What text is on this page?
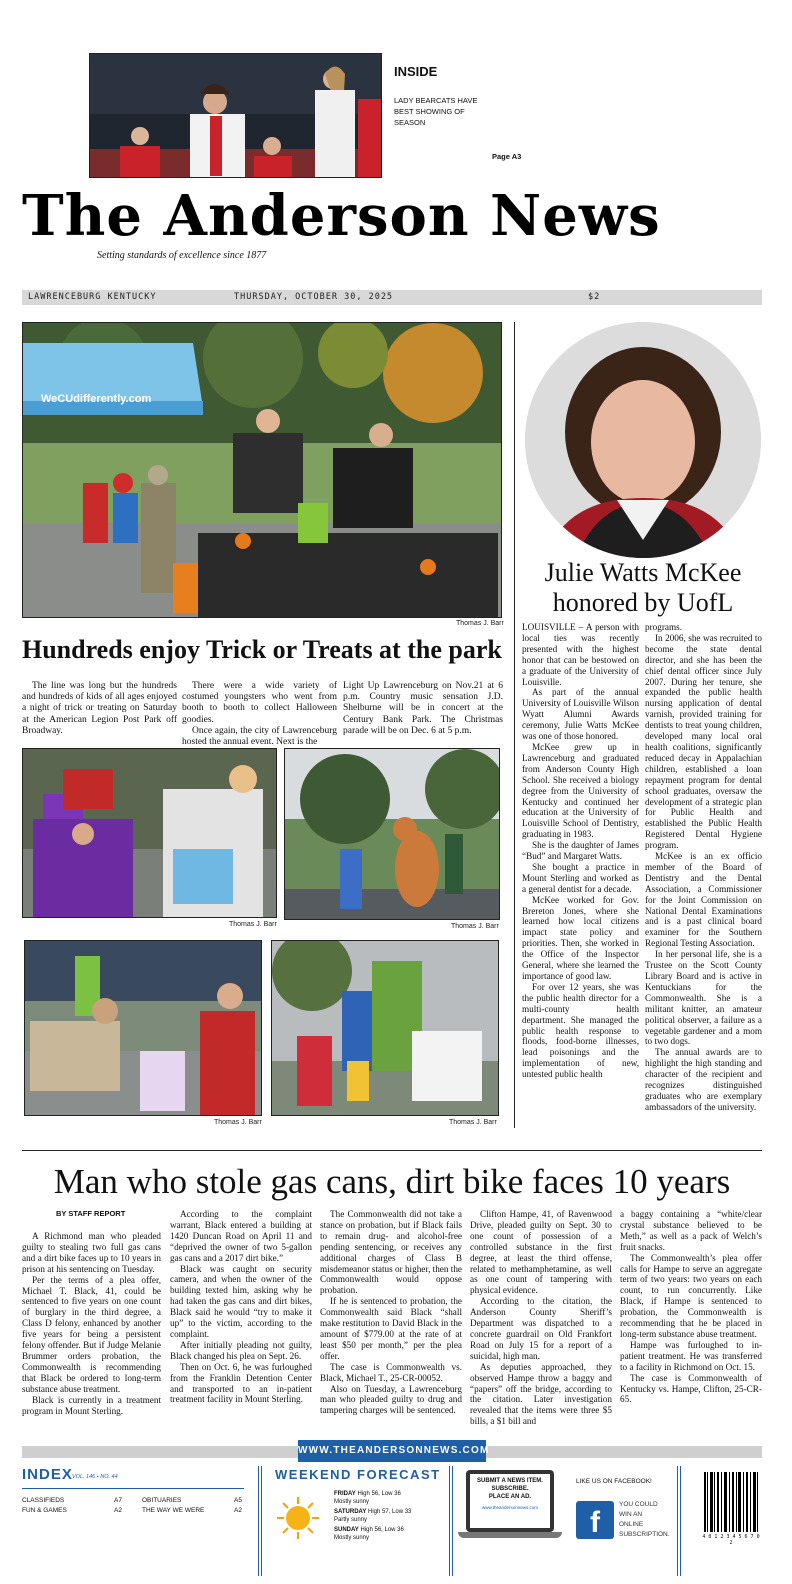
INSIDE
LADY BEARCATS HAVE BEST SHOWING OF SEASON
Page A3
The Anderson News
Setting standards of excellence since 1877
LAWRENCEBURG KENTUCKY	THURSDAY, OCTOBER 30, 2025	$2
WeCUdifferently.com
Thomas J. Barr
Hundreds enjoy Trick or Treats at the park

The line was long but the hundreds and hundreds of kids of all ages enjoyed a night of trick or treating on Saturday at the American Legion Post Park off Broadway.

There were a wide variety of costumed youngsters who went from booth to booth to collect Halloween goodies.

Once again, the city of Lawrenceburg hosted the annual event. Next is the

Light Up Lawrenceburg on Nov.21 at 6 p.m. Country music sensation J.D. Shelburne will be in concert at the Century Bank Park. The Christmas parade will be on Dec. 6 at 5 p.m.

Thomas J. Barr	Thomas J. Barr
Thomas J. Barr	Thomas J. Barr
Julie Watts McKee honored by UofL

LOUISVILLE – A person with local ties was recently presented with the highest honor that can be bestowed on a graduate of the University of Louisville.

As part of the annual University of Louisville Wilson Wyatt Alumni Awards ceremony, Julie Watts McKee was one of those honored.

McKee grew up in Lawrenceburg and graduated from Anderson County High School. She received a biology degree from the University of Kentucky and continued her education at the University of Louisville School of Dentistry, graduating in 1983.

She is the daughter of James “Bud” and Margaret Watts.

She bought a practice in Mount Sterling and worked as a general dentist for a decade.

McKee worked for Gov. Brereton Jones, where she learned how local citizens impact state policy and priorities. Then, she worked in the Office of the Inspector General, where she learned the importance of good law.

For over 12 years, she was the public health director for a multi-county health department. She managed the public health response to floods, food-borne illnesses, lead poisonings and the implementation of new, untested public health

programs.

In 2006, she was recruited to become the state dental director, and she has been the chief dental officer since July 2007. During her tenure, she expanded the public health nursing application of dental varnish, provided training for dentists to treat young children, developed many local oral health coalitions, significantly reduced decay in Appalachian children, established a loan repayment program for dental school graduates, oversaw the development of a strategic plan for Public Health and established the Public Health Registered Dental Hygiene program.

McKee is an ex officio member of the Board of Dentistry and the Dental Association, a Commissioner for the Joint Commission on National Dental Examinations and is a past clinical board examiner for the Southern Regional Testing Association.

In her personal life, she is a Trustee on the Scott County Library Board and is active in Kentuckians for the Commonwealth. She is a militant knitter, an amateur political observer, a failure as a vegetable gardener and a mom to two dogs.

The annual awards are to highlight the high standing and character of the recipient and recognizes distinguished graduates who are exemplary ambassadors of the university.

Man who stole gas cans, dirt bike faces 10 years
BY STAFF REPORT

A Richmond man who pleaded guilty to stealing two full gas cans and a dirt bike faces up to 10 years in prison at his sentencing on Tuesday.

Per the terms of a plea offer, Michael T. Black, 41, could be sentenced to five years on one count of burglary in the third degree, a Class D felony, enhanced by another five years for being a persistent felony offender. But if Judge Melanie Brummer orders probation, the Commonwealth is recommending that Black be ordered to long-term substance abuse treatment.

Black is currently in a treatment program in Mount Sterling.

According to the complaint warrant, Black entered a building at 1420 Duncan Road on April 11 and “deprived the owner of two 5-gallon gas cans and a 2017 dirt bike.”

Black was caught on security camera, and when the owner of the building texted him, asking why he had taken the gas cans and dirt bikes, Black said he would “try to make it up” to the victim, according to the complaint.

After initially pleading not guilty, Black changed his plea on Sept. 26.

Then on Oct. 6, he was furloughed from the Franklin Detention Center and transported to an in-patient treatment facility in Mount Sterling.

The Commonwealth did not take a stance on probation, but if Black fails to remain drug- and alcohol-free pending sentencing, or receives any additional charges of Class B misdemeanor status or higher, then the Commonwealth would oppose probation.

If he is sentenced to probation, the Commonwealth said Black “shall make restitution to David Black in the amount of $779.00 at the rate of at least $50 per month,” per the plea offer.

The case is Commonwealth vs. Black, Michael T., 25-CR-00052.

Also on Tuesday, a Lawrenceburg man who pleaded guilty to drug and tampering charges will be sentenced.

Clifton Hampe, 41, of Ravenwood Drive, pleaded guilty on Sept. 30 to one count of possession of a controlled substance in the first degree, at least the third offense, related to methamphetamine, as well as one count of tampering with physical evidence.

According to the citation, the Anderson County Sheriff’s Department was dispatched to a concrete guardrail on Old Frankfort Road on July 15 for a report of a suicidal, high man.

As deputies approached, they observed Hampe throw a baggy and “papers” off the bridge, according to the citation. Later investigation revealed that the items were three $5 bills, a $1 bill and

a baggy containing a “white/clear crystal substance believed to be Meth,” as well as a pack of Welch’s fruit snacks.

The Commonwealth’s plea offer calls for Hampe to serve an aggregate term of two years: two years on each count, to run concurrently. Like Black, if Hampe is sentenced to probation, the Commonwealth is recommending that he be placed in long-term substance abuse treatment.

Hampe was furloughed to in-patient treatment. He was transferred to a facility in Richmond on Oct. 15.

The case is Commonwealth of Kentucky vs. Hampe, Clifton, 25-CR-65.

WWW.THEANDERSONNEWS.COM
INDEX VOL. 146 • NO. 44
CLASSIFIEDS	A7
FUN & GAMES	A2
OBITUARIES	A5
THE WAY WE WERE	A2
WEEKEND FORECAST
FRIDAY High 56, Low 36
Mostly sunny
SATURDAY High 57, Low 33
Partly sunny
SUNDAY High 56, Low 36
Mostly sunny
SUBMIT A NEWS ITEM.
SUBSCRIBE.
PLACE AN AD.
www.theandersonnews.com
LIKE US ON FACEBOOK!
f
YOU COULD
WIN AN
ONLINE
SUBSCRIPTION.	4 0 1 2 3 4 5 6 7 0 2
